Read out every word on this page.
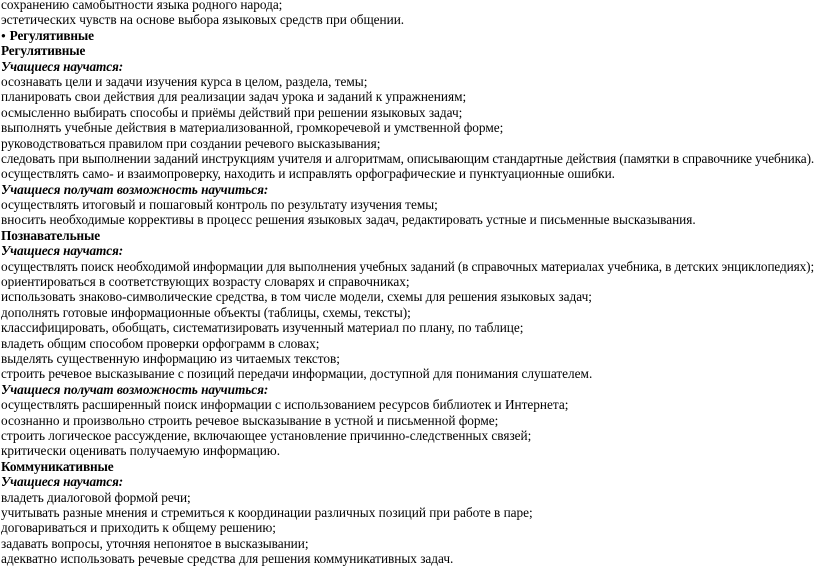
сохранению самобытности языка родного народа;

эстетических чувств на основе выбора языковых средств при общении.

● Регулятивные

Регулятивные

Учащиеся научатся:

осознавать цели и задачи изучения курса в целом, раздела, темы;

планировать свои действия для реализации задач урока и заданий к упражнениям;

осмысленно выбирать способы и приёмы действий при решении языковых задач;

выполнять учебные действия в материализованной, громкоречевой и умственной форме;

руководствоваться правилом при создании речевого высказывания;

следовать при выполнении заданий инструкциям учителя и алгоритмам, описывающим стандартные действия (памятки в справочнике учебника).

осуществлять само- и взаимопроверку, находить и исправлять орфографические и пунктуационные ошибки.

Учащиеся получат возможность научиться:

осуществлять итоговый и пошаговый контроль по результату изучения темы;

вносить необходимые коррективы в процесс решения языковых задач, редактировать устные и письменные высказывания.

Познавательные

Учащиеся научатся:

осуществлять поиск необходимой информации для выполнения учебных заданий (в справочных материалах учебника, в детских энциклопедиях);

ориентироваться в соответствующих возрасту словарях и справочниках;

использовать знаково-символические средства, в том числе модели, схемы для решения языковых задач;

дополнять готовые информационные объекты (таблицы, схемы, тексты);

классифицировать, обобщать, систематизировать изученный материал по плану, по таблице;

владеть общим способом проверки орфограмм в словах;

выделять существенную информацию из читаемых текстов;

строить речевое высказывание с позиций передачи информации, доступной для понимания слушателем.

Учащиеся получат возможность научиться:

осуществлять расширенный поиск информации с использованием ресурсов библиотек и Интернета;

осознанно и произвольно строить речевое высказывание в устной и письменной форме;

строить логическое рассуждение, включающее установление причинно-следственных связей;

критически оценивать получаемую информацию.

Коммуникативные

Учащиеся научатся:

владеть диалоговой формой речи;

учитывать разные мнения и стремиться к координации различных позиций при работе в паре;

договариваться и приходить к общему решению;

задавать вопросы, уточняя непонятое в высказывании;

адекватно использовать речевые средства для решения коммуникативных задач.
